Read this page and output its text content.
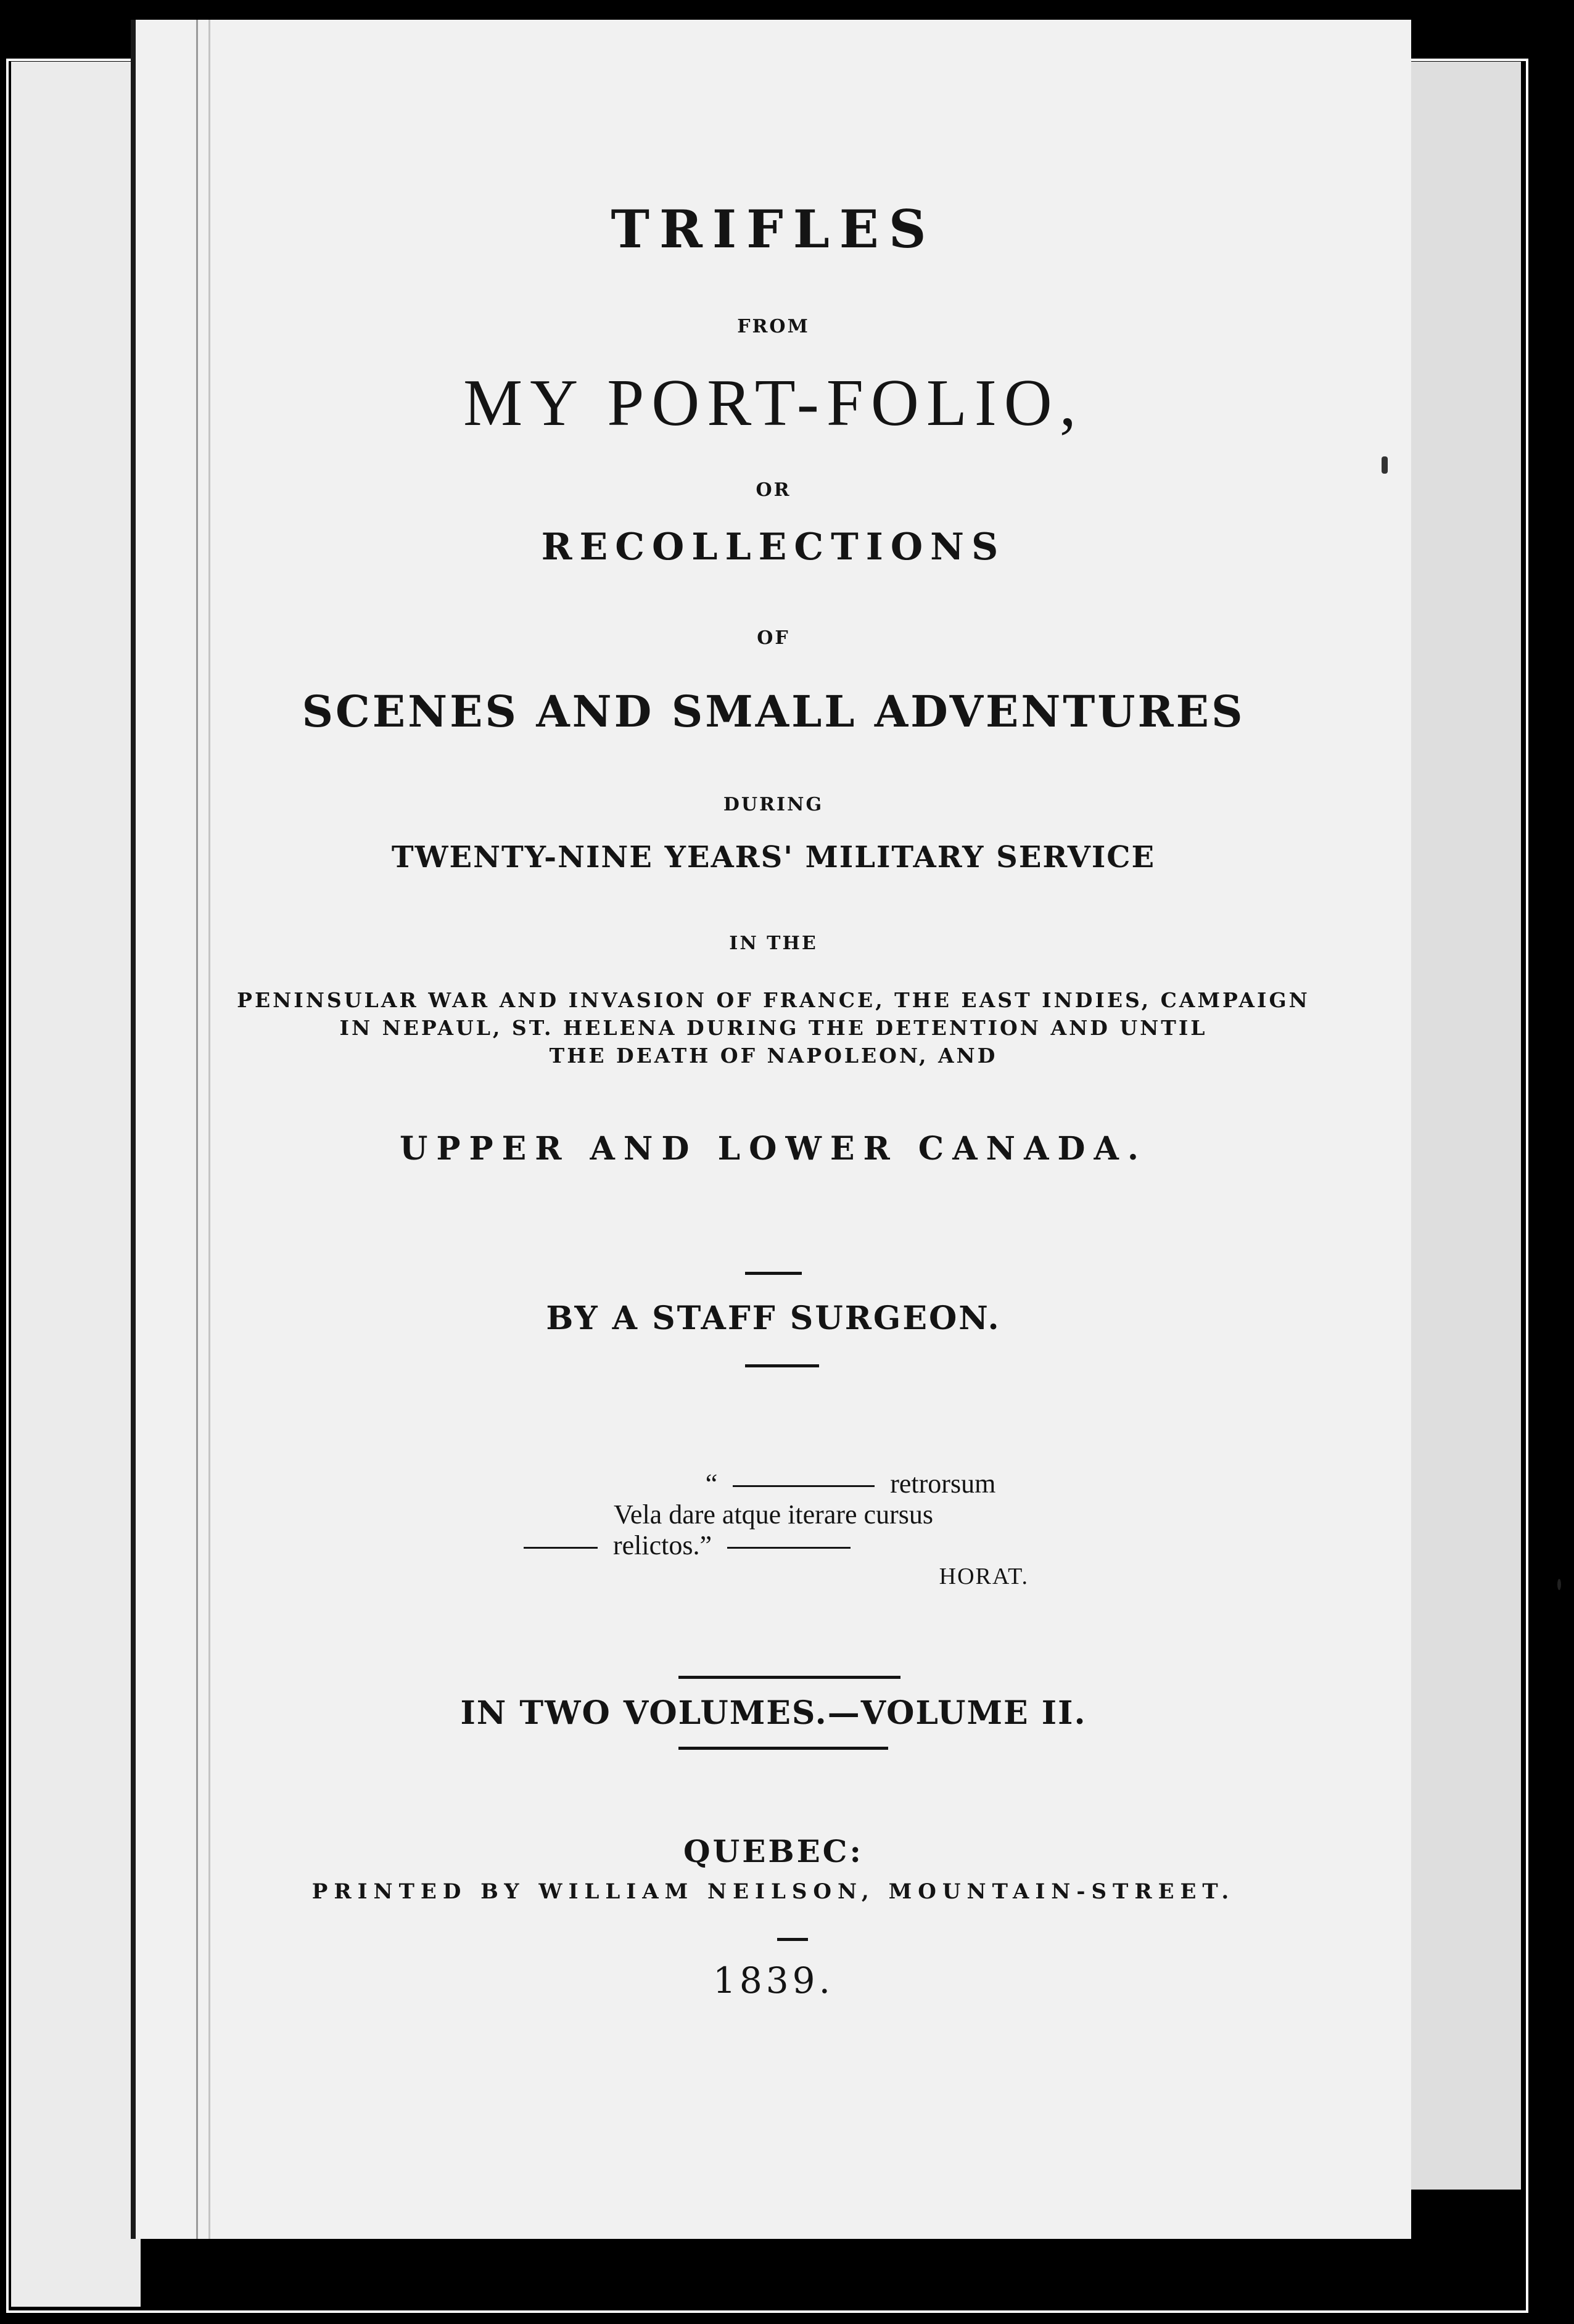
TRIFLES
FROM
MY PORT-FOLIO,
OR
RECOLLECTIONS
OF
SCENES AND SMALL ADVENTURES
DURING
TWENTY-NINE YEARS' MILITARY SERVICE
IN THE
PENINSULAR WAR AND INVASION OF FRANCE, THE EAST INDIES, CAMPAIGN
IN NEPAUL, ST. HELENA DURING THE DETENTION AND UNTIL
THE DEATH OF NAPOLEON, AND
UPPER AND LOWER CANADA.
BY A STAFF SURGEON.
“	retrorsum
Vela dare atque iterare cursus
relictos.”
HORAT.
IN TWO VOLUMES.—VOLUME II.
QUEBEC:
PRINTED BY WILLIAM NEILSON, MOUNTAIN-STREET.
1839.
